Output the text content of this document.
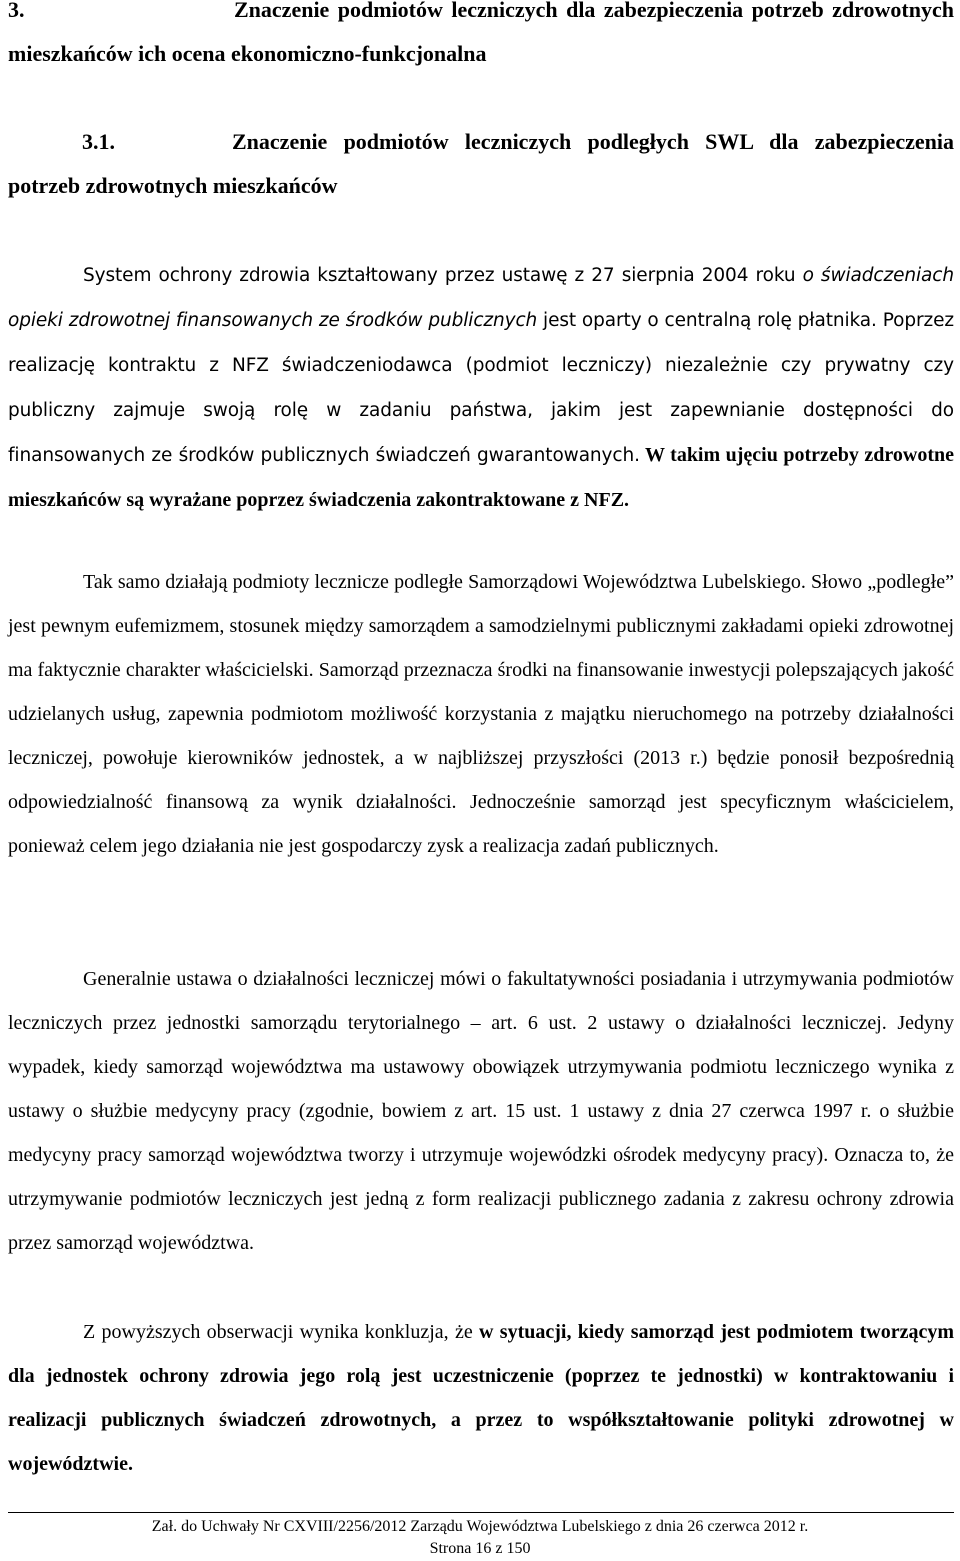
3.	Znaczenie podmiotów leczniczych dla zabezpieczenia potrzeb zdrowotnych mieszkańców ich ocena ekonomiczno-funkcjonalna
3.1.	Znaczenie podmiotów leczniczych podległych SWL dla zabezpieczenia potrzeb zdrowotnych mieszkańców
System ochrony zdrowia kształtowany przez ustawę z 27 sierpnia 2004 roku o świadczeniach opieki zdrowotnej finansowanych ze środków publicznych jest oparty o centralną rolę płatnika. Poprzez realizację kontraktu z NFZ świadczeniodawca (podmiot leczniczy) niezależnie czy prywatny czy publiczny zajmuje swoją rolę w zadaniu państwa, jakim jest zapewnianie dostępności do finansowanych ze środków publicznych świadczeń gwarantowanych. W takim ujęciu potrzeby zdrowotne mieszkańców są wyrażane poprzez świadczenia zakontraktowane z NFZ.
Tak samo działają podmioty lecznicze podległe Samorządowi Województwa Lubelskiego. Słowo „podległe” jest pewnym eufemizmem, stosunek między samorządem a samodzielnymi publicznymi zakładami opieki zdrowotnej ma faktycznie charakter właścicielski. Samorząd przeznacza środki na finansowanie inwestycji polepszających jakość udzielanych usług, zapewnia podmiotom możliwość korzystania z majątku nieruchomego na potrzeby działalności leczniczej, powołuje kierowników jednostek, a w najbliższej przyszłości (2013 r.) będzie ponosił bezpośrednią odpowiedzialność finansową za wynik działalności. Jednocześnie samorząd jest specyficznym właścicielem, ponieważ celem jego działania nie jest gospodarczy zysk a realizacja zadań publicznych.
Generalnie ustawa o działalności leczniczej mówi o fakultatywności posiadania i utrzymywania podmiotów leczniczych przez jednostki samorządu terytorialnego – art. 6 ust. 2 ustawy o działalności leczniczej. Jedyny wypadek, kiedy samorząd województwa ma ustawowy obowiązek utrzymywania podmiotu leczniczego wynika z ustawy o służbie medycyny pracy (zgodnie, bowiem z art. 15 ust. 1 ustawy z dnia 27 czerwca 1997 r. o służbie medycyny pracy samorząd województwa tworzy i utrzymuje wojewódzki ośrodek medycyny pracy). Oznacza to, że utrzymywanie podmiotów leczniczych jest jedną z form realizacji publicznego zadania z zakresu ochrony zdrowia przez samorząd województwa.
Z powyższych obserwacji wynika konkluzja, że w sytuacji, kiedy samorząd jest podmiotem tworzącym dla jednostek ochrony zdrowia jego rolą jest uczestniczenie (poprzez te jednostki) w kontraktowaniu i realizacji publicznych świadczeń zdrowotnych, a przez to współkształtowanie polityki zdrowotnej w województwie.
Zał. do Uchwały Nr CXVIII/2256/2012 Zarządu Województwa Lubelskiego z dnia 26 czerwca 2012 r.
Strona 16 z 150
